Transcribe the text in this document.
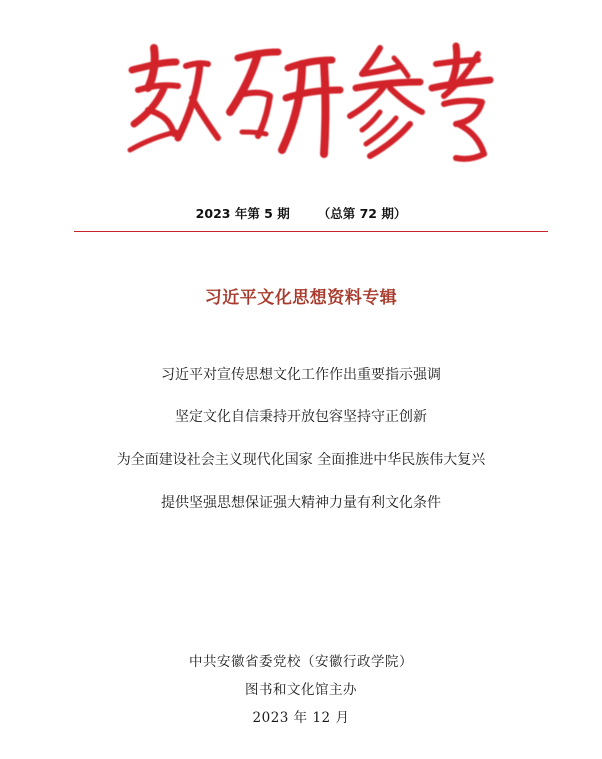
2023 年第 5 期 （总第 72 期）
习近平文化思想资料专辑
习近平对宣传思想文化工作作出重要指示强调
坚定文化自信秉持开放包容坚持守正创新
为全面建设社会主义现代化国家 全面推进中华民族伟大复兴
提供坚强思想保证强大精神力量有利文化条件
中共安徽省委党校（安徽行政学院）
图书和文化馆主办
2023 年 12 月
